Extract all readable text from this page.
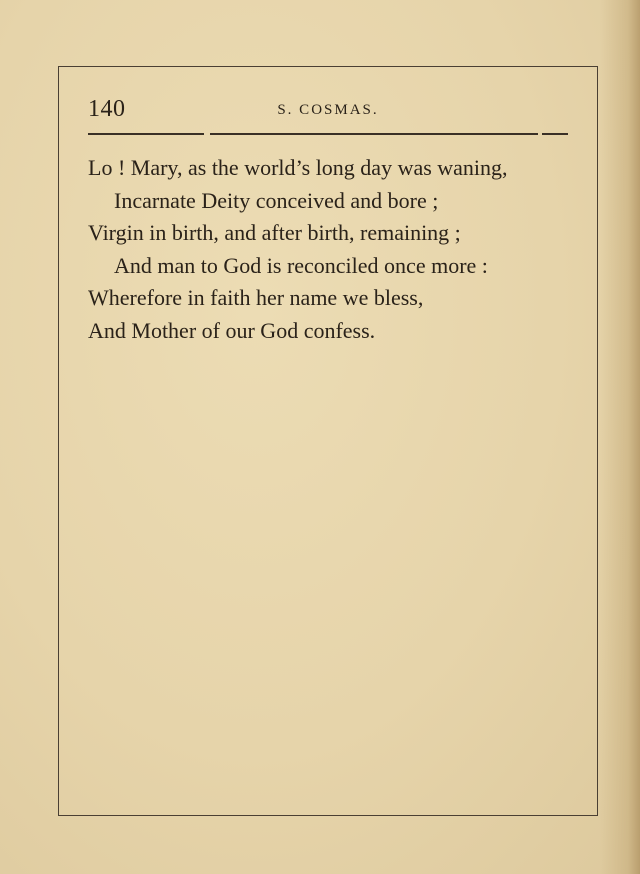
140	S. COSMAS.
Lo ! Mary, as the world’s long day was waning,
Incarnate Deity conceived and bore ;
Virgin in birth, and after birth, remaining ;
And man to God is reconciled once more :
Wherefore in faith her name we bless,
And Mother of our God confess.
